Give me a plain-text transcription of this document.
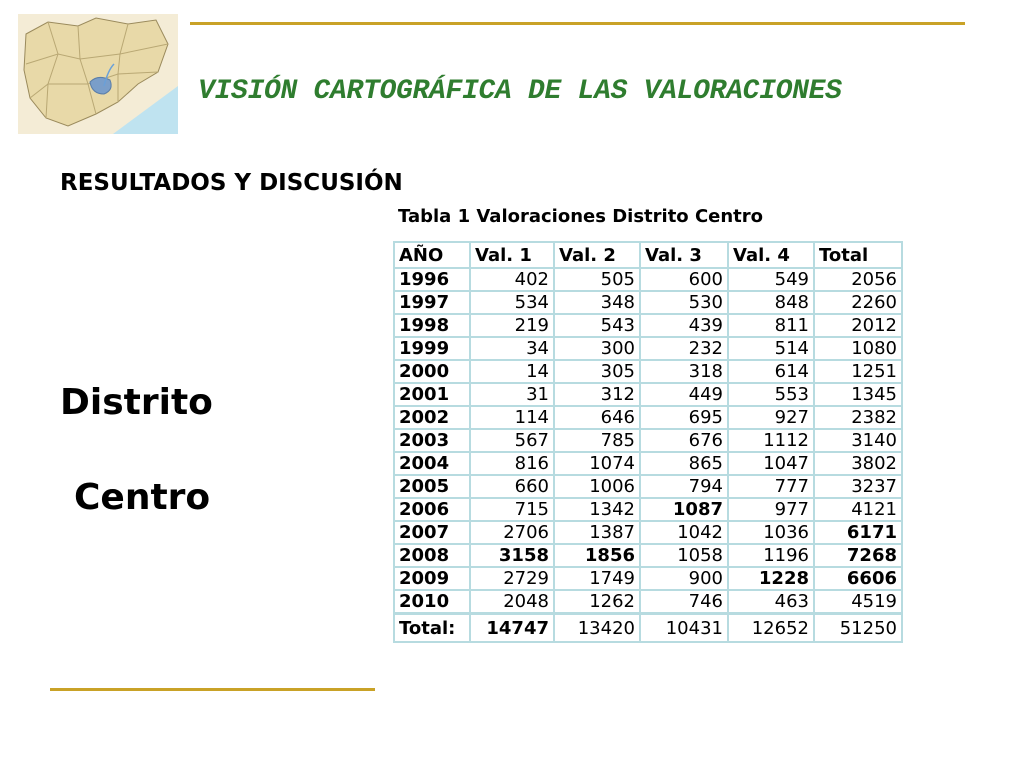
VISIÓN CARTOGRÁFICA DE LAS VALORACIONES
RESULTADOS Y DISCUSIÓN
Distrito
Centro
Tabla 1 Valoraciones Distrito Centro
AÑO	Val. 1	Val. 2	Val. 3	Val. 4	Total
1996	402	505	600	549	2056
1997	534	348	530	848	2260
1998	219	543	439	811	2012
1999	34	300	232	514	1080
2000	14	305	318	614	1251
2001	31	312	449	553	1345
2002	114	646	695	927	2382
2003	567	785	676	1112	3140
2004	816	1074	865	1047	3802
2005	660	1006	794	777	3237
2006	715	1342	1087	977	4121
2007	2706	1387	1042	1036	6171
2008	3158	1856	1058	1196	7268
2009	2729	1749	900	1228	6606
2010	2048	1262	746	463	4519
Total:	14747	13420	10431	12652	51250
